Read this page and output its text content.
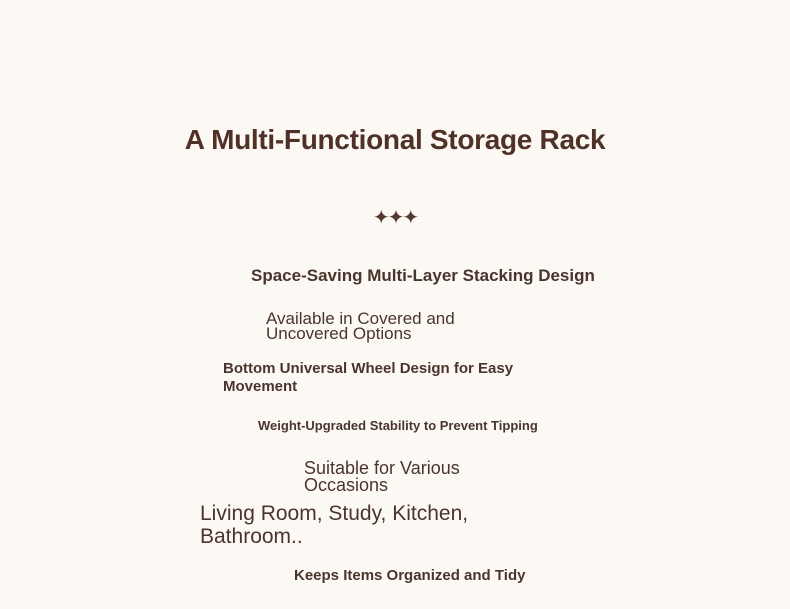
A Multi-Functional Storage Rack
✦✦✦
Space-Saving Multi-Layer Stacking Design
Available in Covered and Uncovered Options
Bottom Universal Wheel Design for Easy Movement
Weight-Upgraded Stability to Prevent Tipping
Suitable for Various Occasions
Living Room, Study, Kitchen, Bathroom..
Keeps Items Organized and Tidy
